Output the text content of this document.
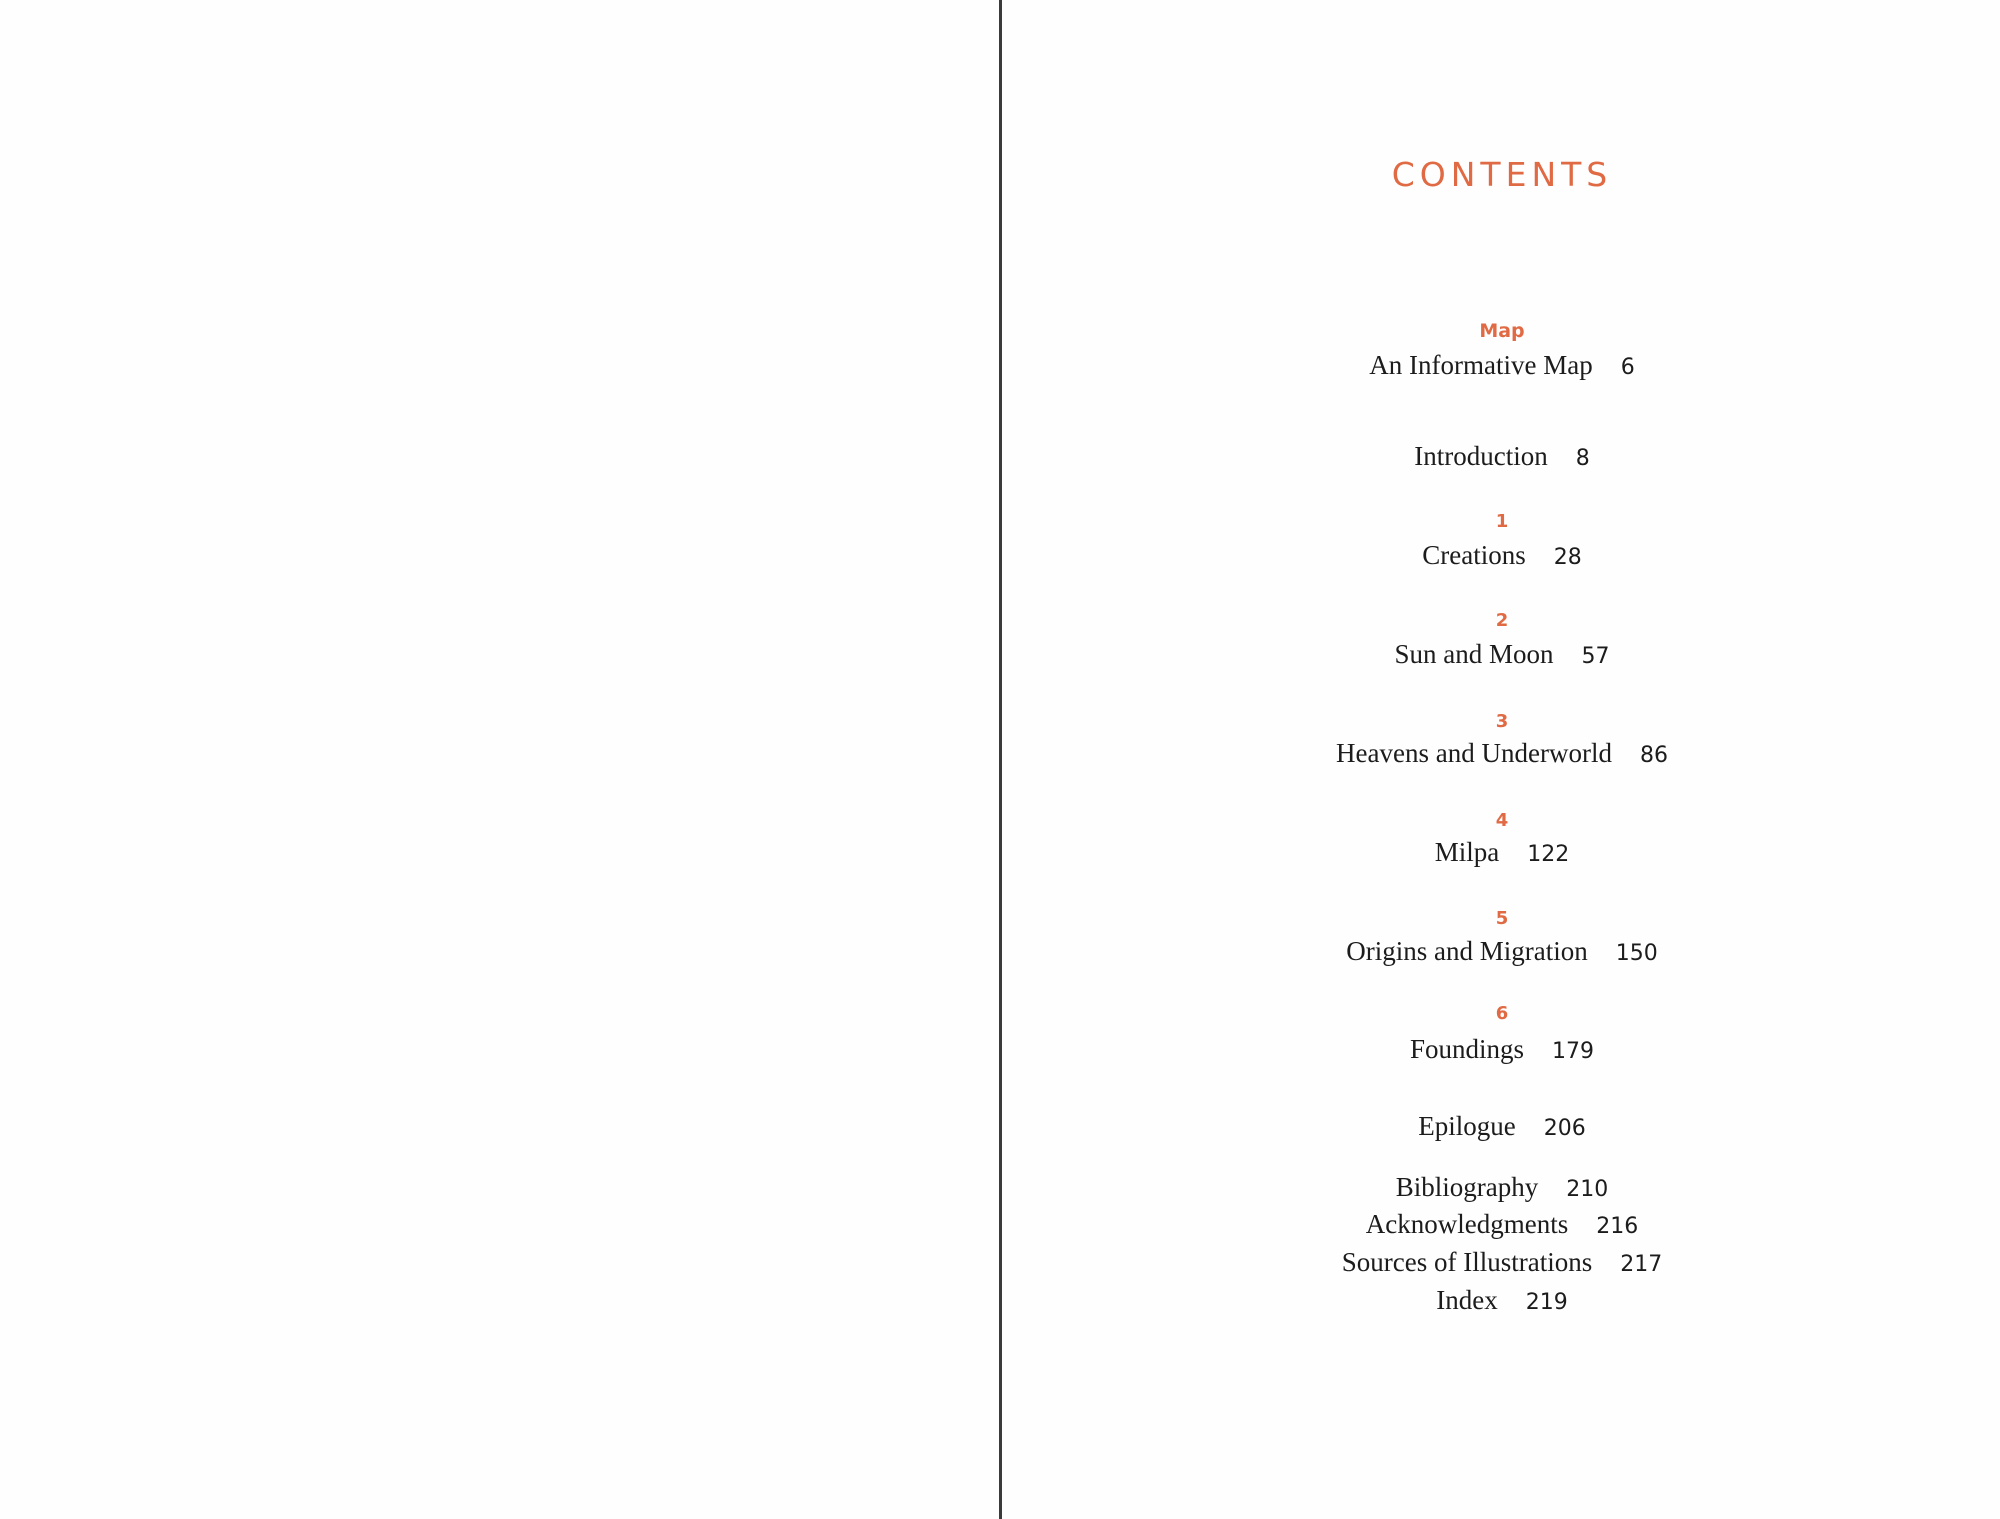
CONTENTS
Map
An Informative Map 6
Introduction 8
1
Creations 28
2
Sun and Moon 57
3
Heavens and Underworld 86
4
Milpa 122
5
Origins and Migration 150
6
Foundings 179
Epilogue 206
Bibliography 210
Acknowledgments 216
Sources of Illustrations 217
Index 219
